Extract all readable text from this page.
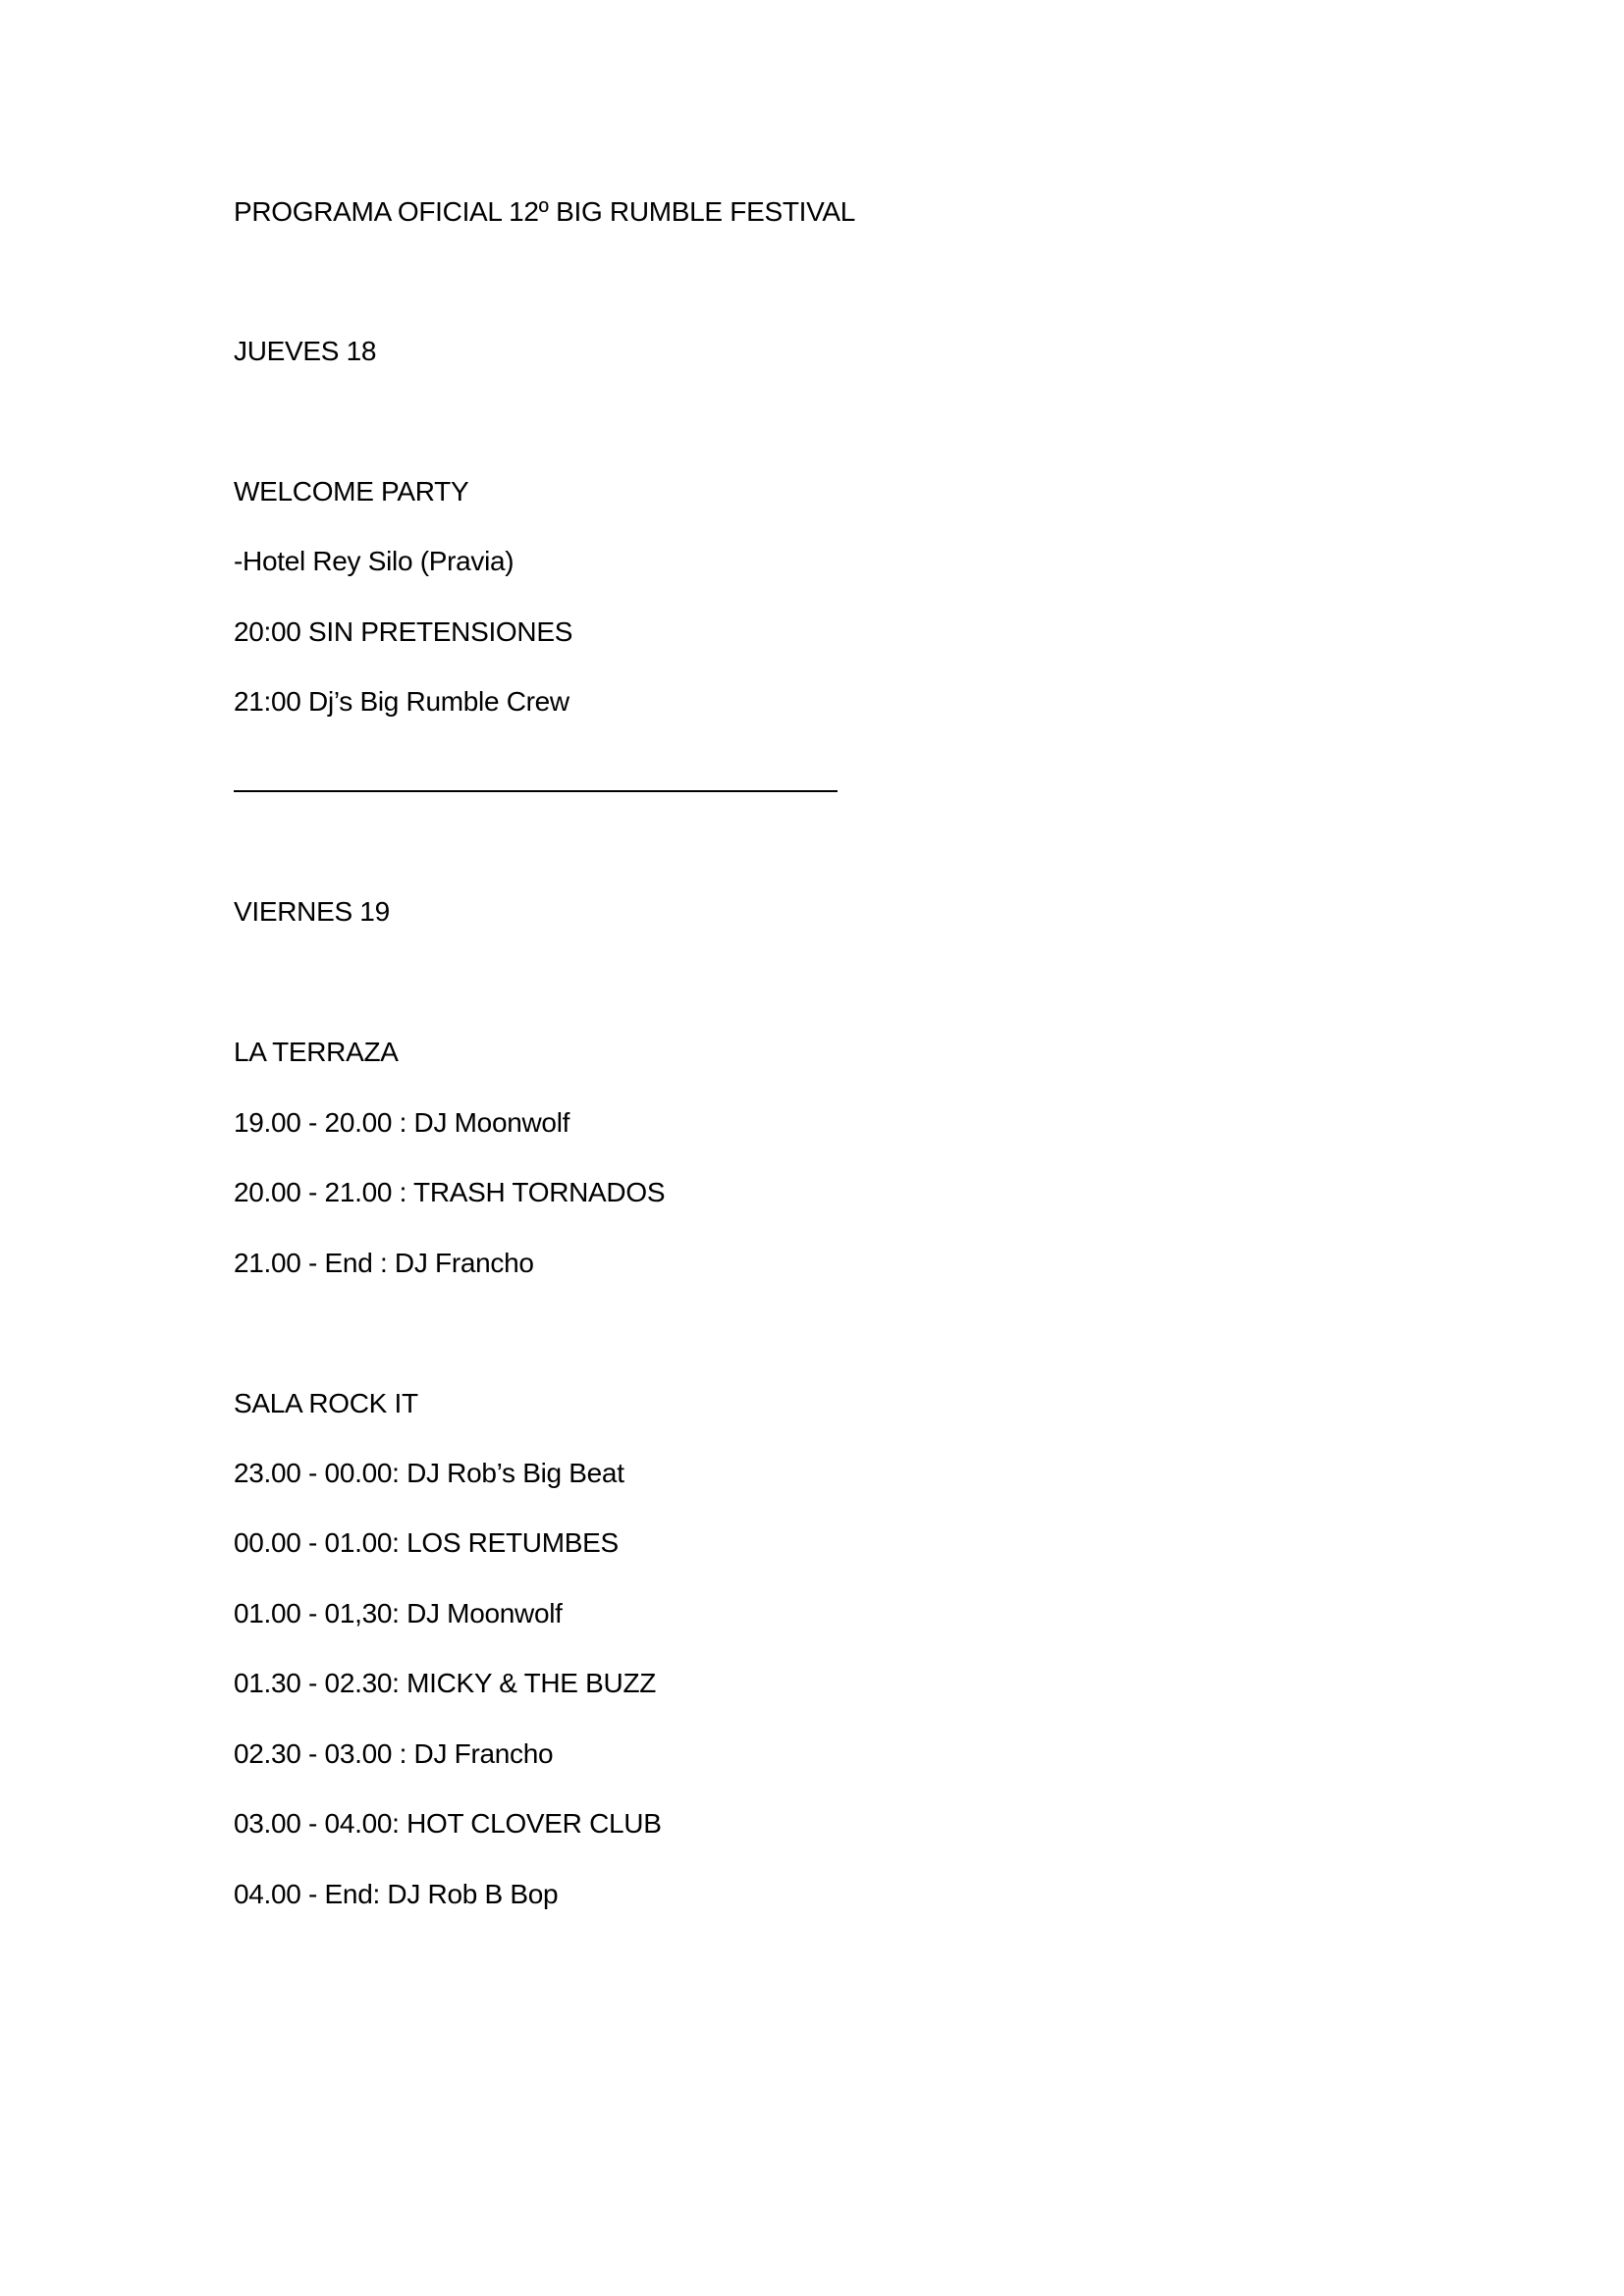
PROGRAMA OFICIAL 12º BIG RUMBLE FESTIVAL
JUEVES 18
WELCOME PARTY
-Hotel Rey Silo (Pravia)
20:00 SIN PRETENSIONES
21:00 Dj’s Big Rumble Crew
VIERNES 19
LA TERRAZA
19.00 - 20.00 : DJ Moonwolf
20.00 - 21.00 : TRASH TORNADOS
21.00 - End : DJ Francho
SALA ROCK IT
23.00 - 00.00: DJ Rob’s Big Beat
00.00 - 01.00: LOS RETUMBES
01.00 - 01,30: DJ Moonwolf
01.30 - 02.30: MICKY & THE BUZZ
02.30 - 03.00 : DJ Francho
03.00 - 04.00: HOT CLOVER CLUB
04.00 - End: DJ Rob B Bop
